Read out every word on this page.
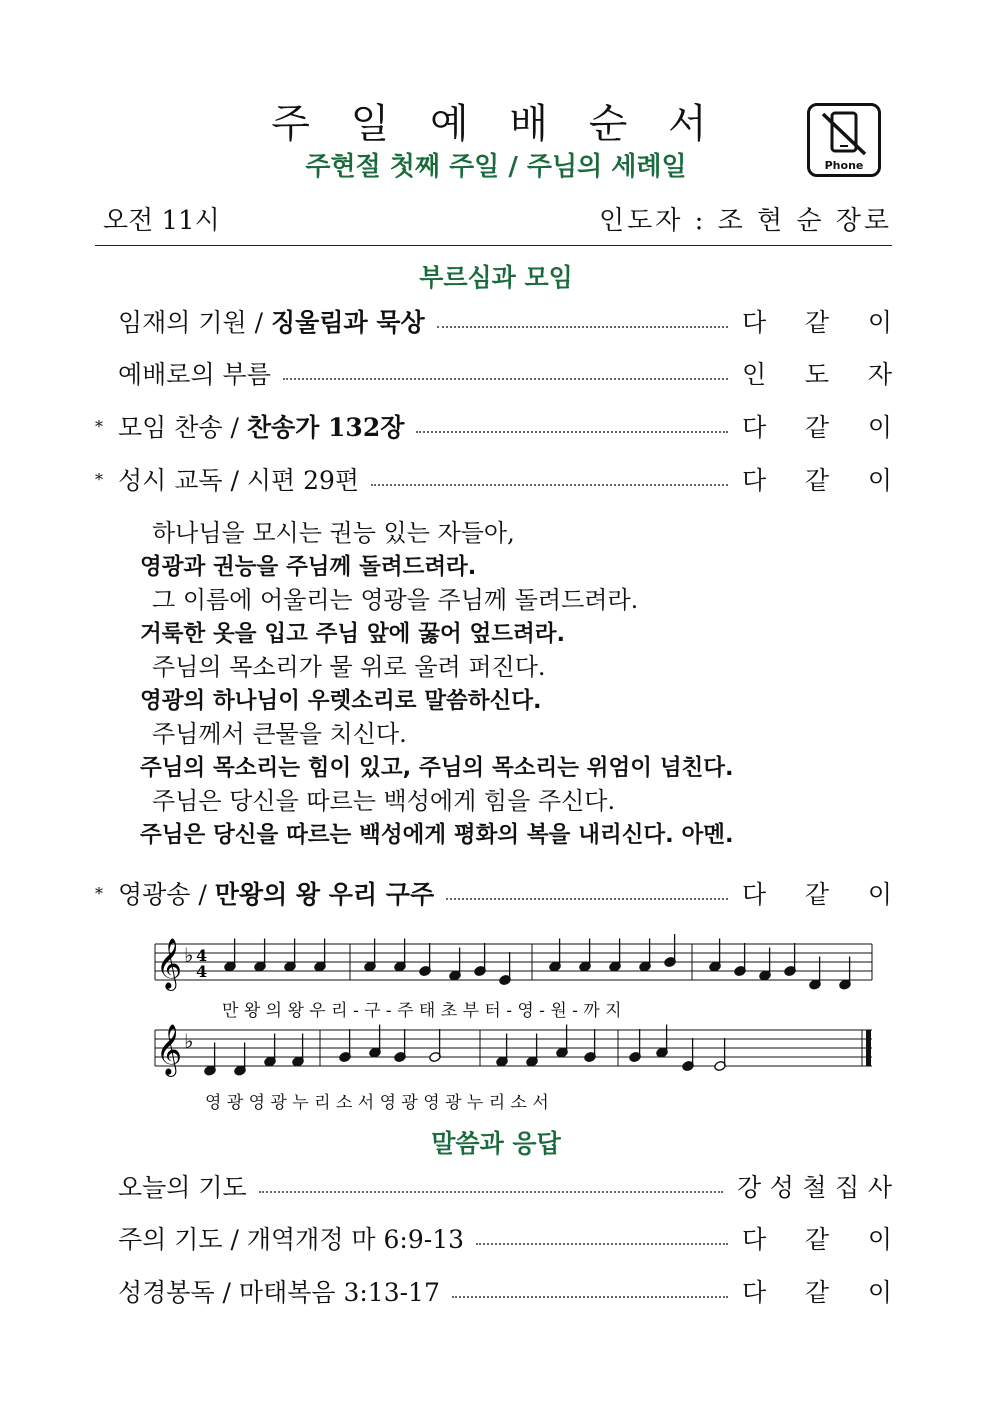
주 일 예 배 순 서
주현절 첫째 주일 / 주님의 세례일	Phone
오전 11시	인도자 : 조 현 순 장로
부르심과 모임
임재의 기원 / 징울림과 묵상	다 같 이
예배로의 부름	인 도 자
* 모임 찬송 / 찬송가 132장	다 같 이
* 성시 교독 / 시편 29편	다 같 이
하나님을 모시는 권능 있는 자들아,
영광과 권능을 주님께 돌려드려라.
그 이름에 어울리는 영광을 주님께 돌려드려라.
거룩한 옷을 입고 주님 앞에 꿇어 엎드려라.
주님의 목소리가 물 위로 울려 퍼진다.
영광의 하나님이 우렛소리로 말씀하신다.
주님께서 큰물을 치신다.
주님의 목소리는 힘이 있고, 주님의 목소리는 위엄이 넘친다.
주님은 당신을 따르는 백성에게 힘을 주신다.
주님은 당신을 따르는 백성에게 평화의 복을 내리신다. 아멘.
* 영광송 / 만왕의 왕 우리 구주	다 같 이
𝄞 ♭ 4
4
𝄞 ♭
만 왕 의 왕 우 리 - 구 - 주 태 초 부 터 - 영 - 원 - 까 지
영 광 영 광 누 리 소 서 영 광 영 광 누 리 소 서
말씀과 응답
오늘의 기도	강 성 철 집 사
주의 기도 / 개역개정 마 6:9-13	다 같 이
성경봉독 / 마태복음 3:13-17	다 같 이
